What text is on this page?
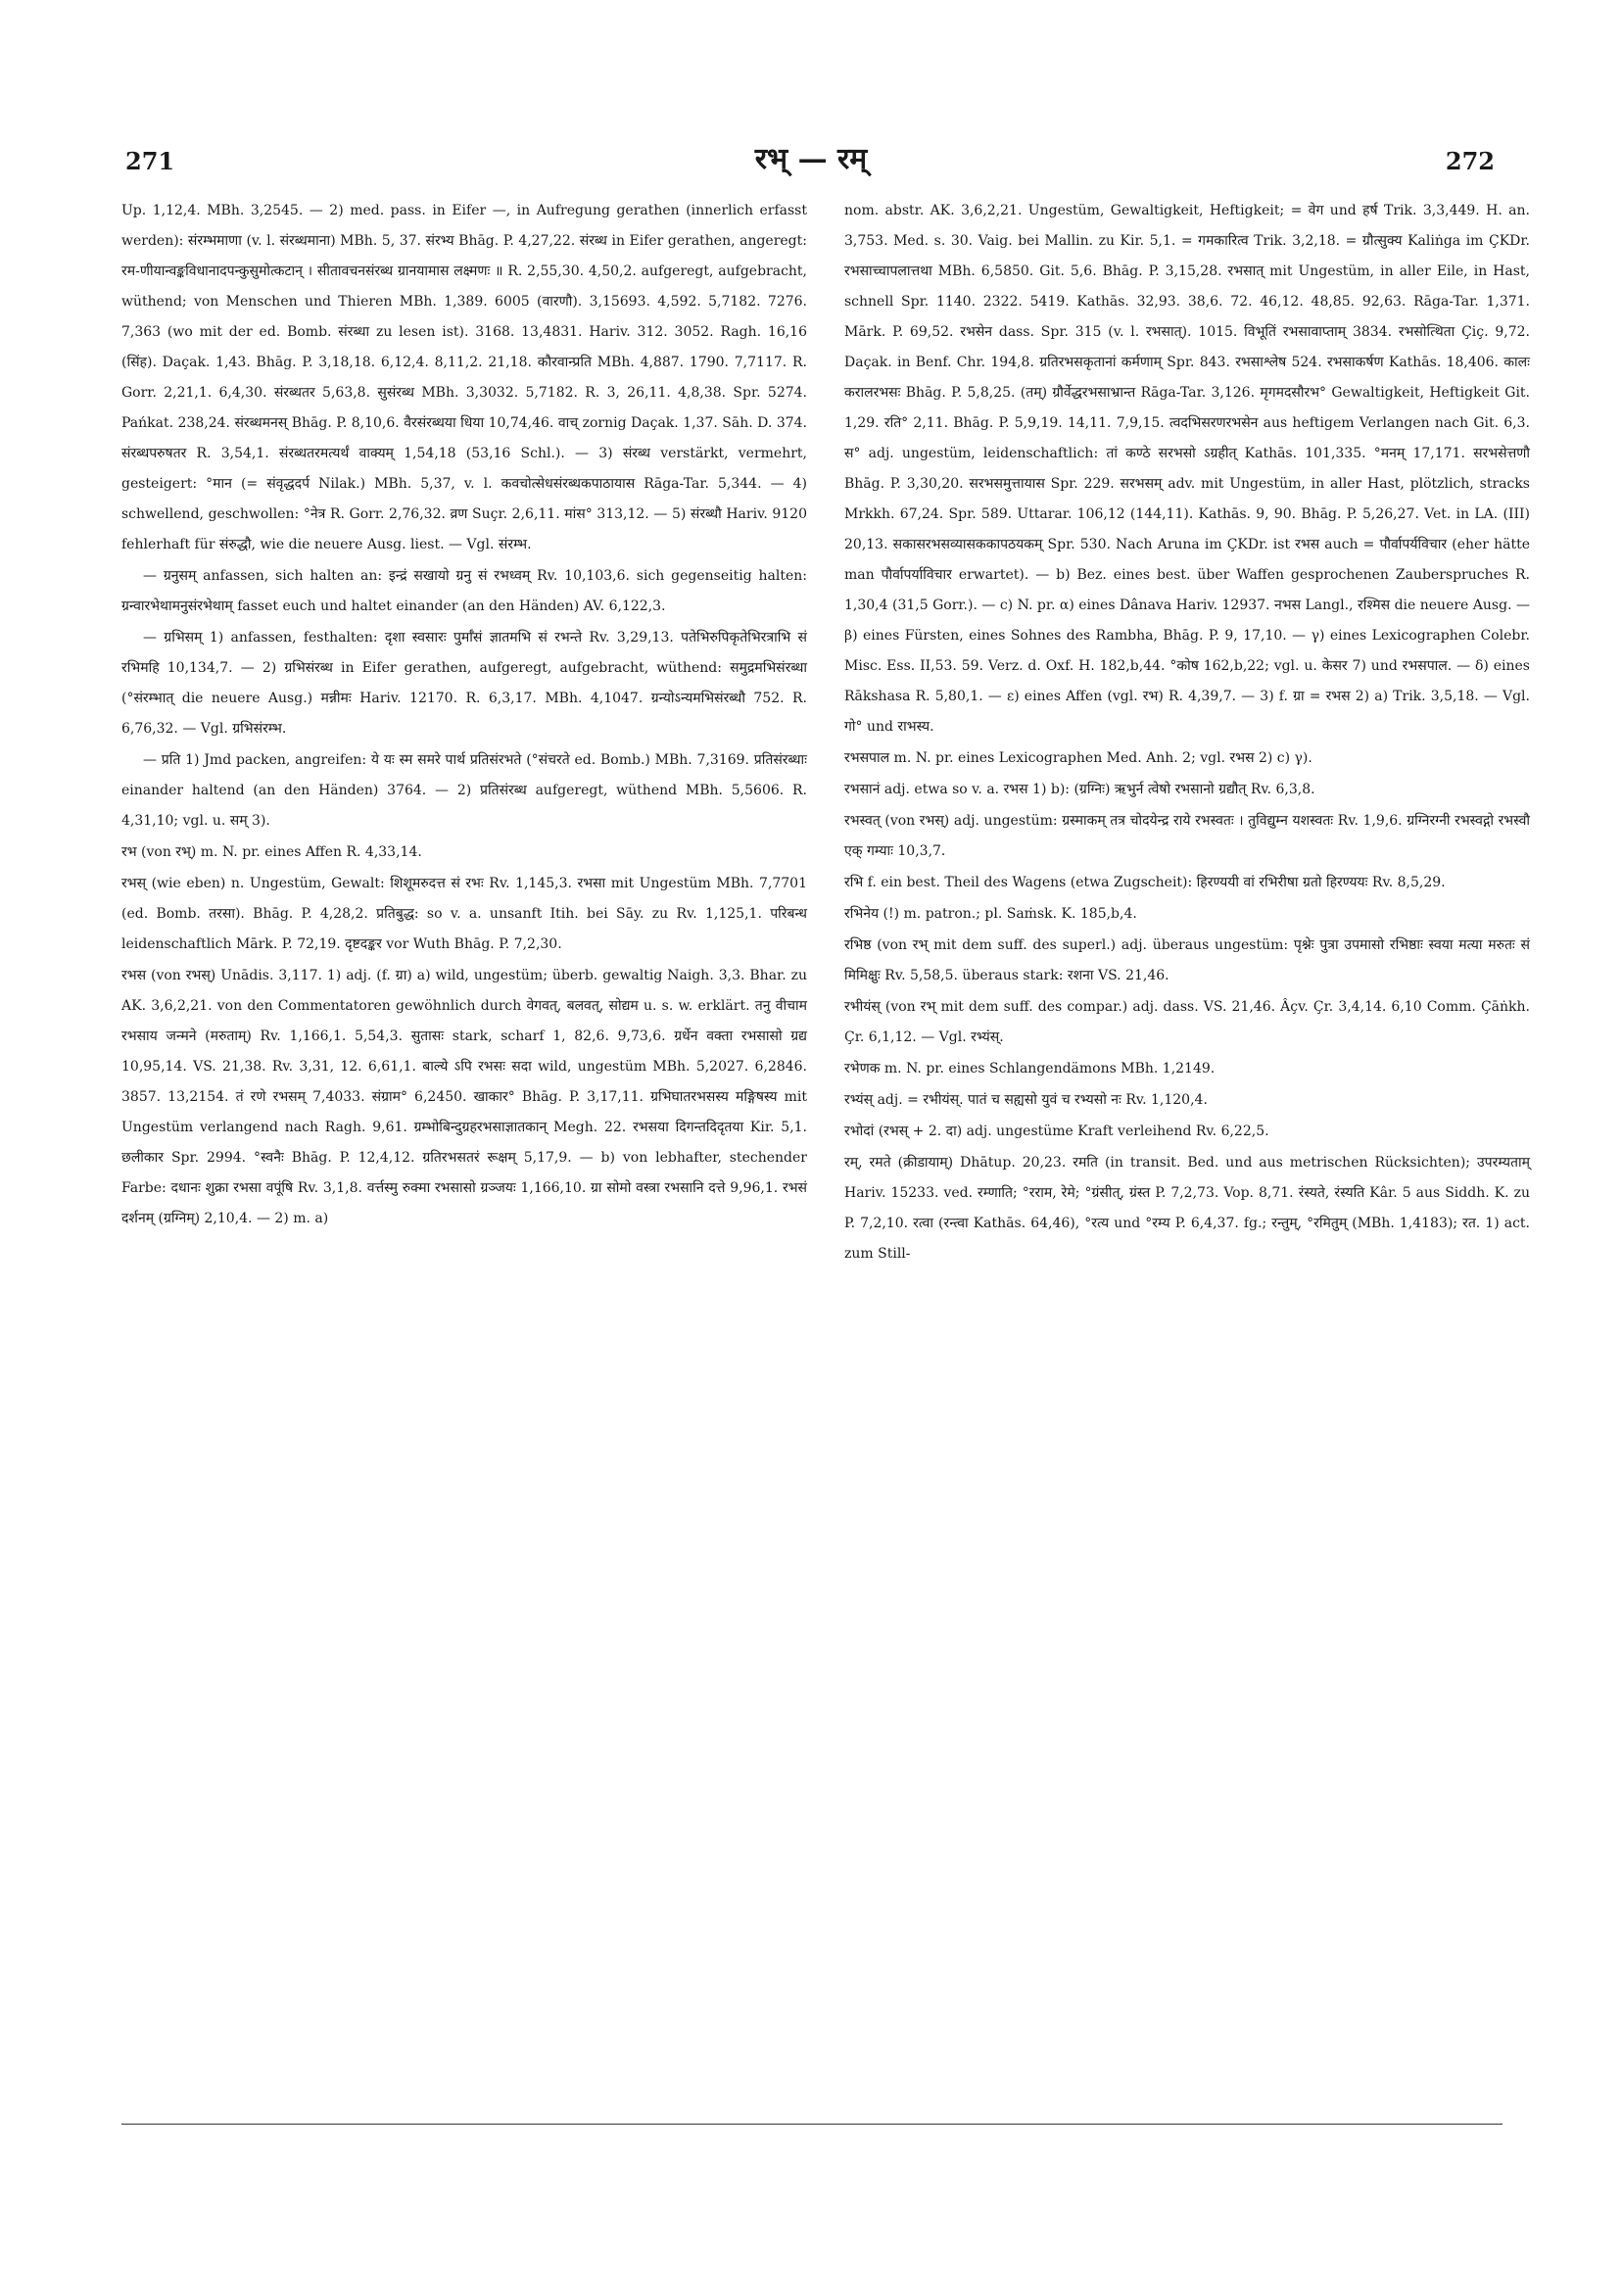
271	रभ् — रम्	272

Up. 1,12,4. MBh. 3,2545. — 2) med. pass. in Eifer —, in Aufregung gerathen (innerlich erfasst werden): संरम्भमाणा (v. l. संरब्धमाना) MBh. 5, 37. संरभ्य Bhāg. P. 4,27,22. संरब्ध in Eifer gerathen, angeregt: रम-णीयान्वङ्कविधानादपन्कुसुमोत्कटान् । सीतावचनसंरब्ध ग्रानयामास लक्ष्मणः ॥ R. 2,55,30. 4,50,2. aufgeregt, aufgebracht, wüthend; von Menschen und Thieren MBh. 1,389. 6005 (वारणौ). 3,15693. 4,592. 5,7182. 7276. 7,363 (wo mit der ed. Bomb. संरब्धा zu lesen ist). 3168. 13,4831. Hariv. 312. 3052. Ragh. 16,16 (सिंह). Daçak. 1,43. Bhāg. P. 3,18,18. 6,12,4. 8,11,2. 21,18. कौरवान्प्रति MBh. 4,887. 1790. 7,7117. R. Gorr. 2,21,1. 6,4,30. संरब्धतर 5,63,8. सुसंरब्ध MBh. 3,3032. 5,7182. R. 3, 26,11. 4,8,38. Spr. 5274. Pańkat. 238,24. संरब्धमनस् Bhāg. P. 8,10,6. वैरसंरब्धया धिया 10,74,46. वाच् zornig Daçak. 1,37. Sāh. D. 374. संरब्धपरुषतर R. 3,54,1. संरब्धतरमत्यर्थं वाक्यम् 1,54,18 (53,16 Schl.). — 3) संरब्ध verstärkt, vermehrt, gesteigert: °मान (= संवृद्धदर्प Nilak.) MBh. 5,37, v. l. कवचोत्सेधसंरब्धकपाठायास Rāga-Tar. 5,344. — 4) schwellend, geschwollen: °नेत्र R. Gorr. 2,76,32. व्रण Suçr. 2,6,11. मांस° 313,12. — 5) संरब्धौ Hariv. 9120 fehlerhaft für संरुद्धौ, wie die neuere Ausg. liest. — Vgl. संरम्भ.

— ग्रनुसम् anfassen, sich halten an: इन्द्रं सखायो ग्रनु सं रभध्वम् Rv. 10,103,6. sich gegenseitig halten: ग्रन्वारभेथामनुसंरभेथाम् fasset euch und haltet einander (an den Händen) AV. 6,122,3.

— ग्रभिसम् 1) anfassen, festhalten: दृशा स्वसारः पुर्माँसं ज्ञातमभि सं रभन्ते Rv. 3,29,13. पतेभिरुपिकृतेभिरत्राभि सं रभिमहि 10,134,7. — 2) ग्रभिसंरब्ध in Eifer gerathen, aufgeregt, aufgebracht, wüthend: समुद्रमभिसंरब्धा (°संरम्भात् die neuere Ausg.) मन्नीमः Hariv. 12170. R. 6,3,17. MBh. 4,1047. ग्रन्योऽन्यमभिसंरब्धौ 752. R. 6,76,32. — Vgl. ग्रभिसंरम्भ.

— प्रति 1) Jmd packen, angreifen: ये यः स्म समरे पार्थ प्रतिसंरभते (°संचरते ed. Bomb.) MBh. 7,3169. प्रतिसंरब्धाः einander haltend (an den Händen) 3764. — 2) प्रतिसंरब्ध aufgeregt, wüthend MBh. 5,5606. R. 4,31,10; vgl. u. सम् 3).

रभ (von रभ्) m. N. pr. eines Affen R. 4,33,14.

रभस् (wie eben) n. Ungestüm, Gewalt: शिशूमरुदत्त सं रभः Rv. 1,145,3. रभसा mit Ungestüm MBh. 7,7701 (ed. Bomb. तरसा). Bhāg. P. 4,28,2. प्रतिबुद्ध: so v. a. unsanft Itih. bei Sāy. zu Rv. 1,125,1. परिबन्ध leidenschaftlich Mārk. P. 72,19. दृष्टदङ्कर vor Wuth Bhāg. P. 7,2,30.

रभस (von रभस्) Unādis. 3,117. 1) adj. (f. ग्रा) a) wild, ungestüm; überb. gewaltig Naigh. 3,3. Bhar. zu AK. 3,6,2,21. von den Commentatoren gewöhnlich durch वेगवत्, बलवत्, सोद्यम u. s. w. erklärt. तनु वीचाम रभसाय जन्मने (मरुताम्) Rv. 1,166,1. 5,54,3. सुतासः stark, scharf 1, 82,6. 9,73,6. ग्रर्धेन वक्ता रभसासो ग्रद्य 10,95,14. VS. 21,38. Rv. 3,31, 12. 6,61,1. बाल्ये ऽपि रभसः सदा wild, ungestüm MBh. 5,2027. 6,2846. 3857. 13,2154. तं रणे रभसम् 7,4033. संग्राम° 6,2450. खाकार° Bhāg. P. 3,17,11. ग्रभिघातरभसस्य मङ्गिषस्य mit Ungestüm verlangend nach Ragh. 9,61. ग्रम्भोबिन्दुग्रहरभसाज्ञातकान् Megh. 22. रभसया दिगन्तदिदृतया Kir. 5,1. छलीकार Spr. 2994. °स्वनैः Bhāg. P. 12,4,12. ग्रतिरभसतरं रूक्षम् 5,17,9. — b) von lebhafter, stechender Farbe: दधानः शुक्रा रभसा वपूंषि Rv. 3,1,8. वर्त्तस्मु रुक्मा रभसासो ग्रञ्जयः 1,166,10. ग्रा सोमो वस्त्रा रभसानि दत्ते 9,96,1. रभसं दर्शनम् (ग्रग्निम्) 2,10,4. — 2) m. a)

nom. abstr. AK. 3,6,2,21. Ungestüm, Gewaltigkeit, Heftigkeit; = वेग und हर्ष Trik. 3,3,449. H. an. 3,753. Med. s. 30. Vaig. bei Mallin. zu Kir. 5,1. = गमकारित्व Trik. 3,2,18. = ग्रौत्सुक्य Kaliṅga im ÇKDr. रभसाच्चापलात्तथा MBh. 6,5850. Git. 5,6. Bhāg. P. 3,15,28. रभसात् mit Ungestüm, in aller Eile, in Hast, schnell Spr. 1140. 2322. 5419. Kathās. 32,93. 38,6. 72. 46,12. 48,85. 92,63. Rāga-Tar. 1,371. Mārk. P. 69,52. रभसेन dass. Spr. 315 (v. l. रभसात्). 1015. विभूतिं रभसावाप्ताम् 3834. रभसोत्थिता Çiç. 9,72. Daçak. in Benf. Chr. 194,8. ग्रतिरभसकृतानां कर्मणाम् Spr. 843. रभसाश्लेष 524. रभसाकर्षण Kathās. 18,406. कालः करालरभसः Bhāg. P. 5,8,25. (तम्) ग्रौर्वेद्धरभसाभ्रान्त Rāga-Tar. 3,126. मृगमदसौरभ° Gewaltigkeit, Heftigkeit Git. 1,29. रति° 2,11. Bhāg. P. 5,9,19. 14,11. 7,9,15. त्वदभिसरणरभसेन aus heftigem Verlangen nach Git. 6,3. स° adj. ungestüm, leidenschaftlich: तां कण्ठे सरभसो ऽग्रहीत् Kathās. 101,335. °मनम् 17,171. सरभसेत्तणौ Bhāg. P. 3,30,20. सरभसमुत्तायास Spr. 229. सरभसम् adv. mit Ungestüm, in aller Hast, plötzlich, stracks Mrkkh. 67,24. Spr. 589. Uttarar. 106,12 (144,11). Kathās. 9, 90. Bhāg. P. 5,26,27. Vet. in LA. (III) 20,13. सकासरभसव्यासककापठयकम् Spr. 530. Nach Aruna im ÇKDr. ist रभस auch = पौर्वापर्यविचार (eher hätte man पौर्वापर्याविचार erwartet). — b) Bez. eines best. über Waffen gesprochenen Zauberspruches R. 1,30,4 (31,5 Gorr.). — c) N. pr. α) eines Dânava Hariv. 12937. नभस Langl., रश्मिस die neuere Ausg. — β) eines Fürsten, eines Sohnes des Rambha, Bhāg. P. 9, 17,10. — γ) eines Lexicographen Colebr. Misc. Ess. II,53. 59. Verz. d. Oxf. H. 182,b,44. °कोष 162,b,22; vgl. u. केसर 7) und रभसपाल. — δ) eines Rākshasa R. 5,80,1. — ε) eines Affen (vgl. रभ) R. 4,39,7. — 3) f. ग्रा = रभस 2) a) Trik. 3,5,18. — Vgl. गो° und राभस्य.

रभसपाल m. N. pr. eines Lexicographen Med. Anh. 2; vgl. रभस 2) c) γ).

रभसानं adj. etwa so v. a. रभस 1) b): (ग्रग्निः) ऋभुर्न त्वेषो रभसानो ग्रद्यौत् Rv. 6,3,8.

रभस्वत् (von रभस्) adj. ungestüm: ग्रस्माकम् तत्र चोदयेन्द्र राये रभस्वतः । तुविद्युम्न यशस्वतः Rv. 1,9,6. ग्रग्निरग्नी रभस्वद्गो रभस्वौ एक् गम्याः 10,3,7.

रभि f. ein best. Theil des Wagens (etwa Zugscheit): हिरण्ययी वां रभिरीषा ग्रतो हिरण्ययः Rv. 8,5,29.

रभिनेय (!) m. patron.; pl. Saṁsk. K. 185,b,4.

रभिष्ठ (von रभ् mit dem suff. des superl.) adj. überaus ungestüm: पृश्नेः पुत्रा उपमासो रभिष्ठाः स्वया मत्या मरुतः सं मिमिक्षुः Rv. 5,58,5. überaus stark: रशना VS. 21,46.

रभीयंस् (von रभ् mit dem suff. des compar.) adj. dass. VS. 21,46. Âçv. Çr. 3,4,14. 6,10 Comm. Çāṅkh. Çr. 6,1,12. — Vgl. रभ्यंस्.

रभेणक m. N. pr. eines Schlangendämons MBh. 1,2149.

रभ्यंस् adj. = रभीयंस्. पातं च सह्यसो युवं च रभ्यसो नः Rv. 1,120,4.

रभोदां (रभस् + 2. दा) adj. ungestüme Kraft verleihend Rv. 6,22,5.

रम्, रमते (क्रीडायाम्) Dhātup. 20,23. रमति (in transit. Bed. und aus metrischen Rücksichten); उपरम्यताम् Hariv. 15233. ved. रम्णाति; °रराम, रेमे; °ग्रंसीत्, ग्रंस्त P. 7,2,73. Vop. 8,71. रंस्यते, रंस्यति Kâr. 5 aus Siddh. K. zu P. 7,2,10. रत्वा (रन्त्वा Kathās. 64,46), °रत्य und °रम्य P. 6,4,37. fg.; रन्तुम्, °रमितुम् (MBh. 1,4183); रत. 1) act. zum Still-
